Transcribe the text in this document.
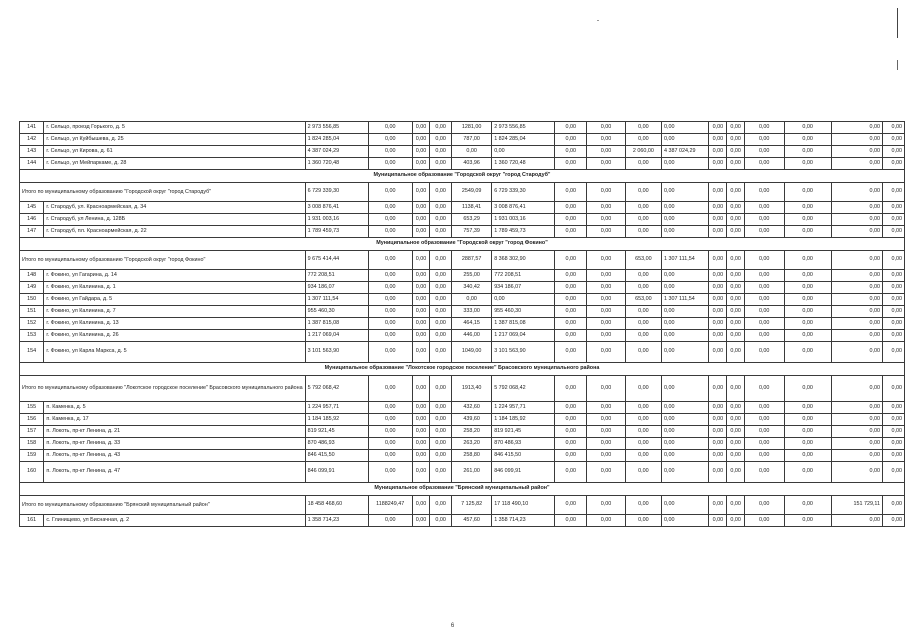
141	г. Сельцо, проезд Горького, д. 5	2 973 556,85	0,00	0,00	0,00	1281,00	2 973 556,85	0,00	0,00	0,00	0,00	0,00	0,00	0,00	0,00	0,00	0,00
142	г. Сельцо, ул Куйбышева, д. 25	1 824 285,04	0,00	0,00	0,00	787,00	1 824 285,04	0,00	0,00	0,00	0,00	0,00	0,00	0,00	0,00	0,00	0,00
143	г. Сельцо, ул Кирова, д. 61	4 387 024,29	0,00	0,00	0,00	0,00	0,00	0,00	0,00	2 060,00	4 387 024,29	0,00	0,00	0,00	0,00	0,00	0,00
144	г. Сельцо, ул Мейпаркаме, д. 28	1 360 720,48	0,00	0,00	0,00	403,96	1 360 720,48	0,00	0,00	0,00	0,00	0,00	0,00	0,00	0,00	0,00	0,00
Муниципальное образование "Городской округ "город Стародуб"																	
Итого по муниципальному образованию "Городской округ "город Стародуб"		6 729 339,30	0,00	0,00	0,00	2549,09	6 729 339,30	0,00	0,00	0,00	0,00	0,00	0,00	0,00	0,00	0,00	0,00
145	г. Стародуб, ул. Красноармейская, д. 34	3 008 876,41	0,00	0,00	0,00	1138,41	3 008 876,41	0,00	0,00	0,00	0,00	0,00	0,00	0,00	0,00	0,00	0,00
146	г. Стародуб, ул Ленина, д. 128Б	1 931 003,16	0,00	0,00	0,00	653,29	1 931 003,16	0,00	0,00	0,00	0,00	0,00	0,00	0,00	0,00	0,00	0,00
147	г. Стародуб, пл. Красноармейская, д. 22	1 789 459,73	0,00	0,00	0,00	757,39	1 789 459,73	0,00	0,00	0,00	0,00	0,00	0,00	0,00	0,00	0,00	0,00
Муниципальное образование "Городской округ "город Фокино"																	
Итого по муниципальному образованию "Городской округ "город Фокино"		9 675 414,44	0,00	0,00	0,00	2887,57	8 368 302,90	0,00	0,00	653,00	1 307 111,54	0,00	0,00	0,00	0,00	0,00	0,00
148	г. Фокино, ул Гагарина, д. 14	772 208,51	0,00	0,00	0,00	255,00	772 208,51	0,00	0,00	0,00	0,00	0,00	0,00	0,00	0,00	0,00	0,00
149	г. Фокино, ул Калинина, д. 1	934 186,07	0,00	0,00	0,00	340,42	934 186,07	0,00	0,00	0,00	0,00	0,00	0,00	0,00	0,00	0,00	0,00
150	г. Фокино, ул Гайдара, д. 5	1 307 111,54	0,00	0,00	0,00	0,00	0,00	0,00	0,00	653,00	1 307 111,54	0,00	0,00	0,00	0,00	0,00	0,00
151	г. Фокино, ул Калинина, д. 7	955 460,30	0,00	0,00	0,00	333,00	955 460,30	0,00	0,00	0,00	0,00	0,00	0,00	0,00	0,00	0,00	0,00
152	г. Фокино, ул Калинина, д. 13	1 387 815,08	0,00	0,00	0,00	464,15	1 387 815,08	0,00	0,00	0,00	0,00	0,00	0,00	0,00	0,00	0,00	0,00
153	г. Фокино, ул Калинина, д. 26	1 217 069,04	0,00	0,00	0,00	446,00	1 217 069,04	0,00	0,00	0,00	0,00	0,00	0,00	0,00	0,00	0,00	0,00
154	г. Фокино, ул Карла Маркса, д. 5	3 101 563,90	0,00	0,00	0,00	1049,00	3 101 563,90	0,00	0,00	0,00	0,00	0,00	0,00	0,00	0,00	0,00	0,00
Муниципальное образование "Локотское городское поселение" Брасовского муниципального района																	
Итого по муниципальному образованию "Локотское городское поселение" Брасовского муниципального района		5 792 068,42	0,00	0,00	0,00	1913,40	5 792 068,42	0,00	0,00	0,00	0,00	0,00	0,00	0,00	0,00	0,00	0,00
155	п. Каменка, д. 5	1 224 957,71	0,00	0,00	0,00	432,60	1 224 957,71	0,00	0,00	0,00	0,00	0,00	0,00	0,00	0,00	0,00	0,00
156	п. Каменка, д. 17	1 184 185,92	0,00	0,00	0,00	439,60	1 184 185,92	0,00	0,00	0,00	0,00	0,00	0,00	0,00	0,00	0,00	0,00
157	п. Локоть, пр-кт Ленина, д. 21	819 921,45	0,00	0,00	0,00	258,20	819 921,45	0,00	0,00	0,00	0,00	0,00	0,00	0,00	0,00	0,00	0,00
158	п. Локоть, пр-кт Ленина, д. 33	870 486,93	0,00	0,00	0,00	263,20	870 486,93	0,00	0,00	0,00	0,00	0,00	0,00	0,00	0,00	0,00	0,00
159	п. Локоть, пр-кт Ленина, д. 43	846 415,50	0,00	0,00	0,00	258,80	846 415,50	0,00	0,00	0,00	0,00	0,00	0,00	0,00	0,00	0,00	0,00
160	п. Локоть, пр-кт Ленина, д. 47	846 099,91	0,00	0,00	0,00	261,00	846 099,91	0,00	0,00	0,00	0,00	0,00	0,00	0,00	0,00	0,00	0,00
Муниципальное образование "Брянский муниципальный район"																	
Итого по муниципальному образованию "Брянский муниципальный район"		18 458 468,60	1188249,47	0,00	0,00	7 125,82	17 118 490,10	0,00	0,00	0,00	0,00	0,00	0,00	0,00	0,00	151 729,11	0,00
161	с. Глинищево, ул Бисначная, д. 2	1 358 714,23	0,00	0,00	0,00	457,60	1 358 714,23	0,00	0,00	0,00	0,00	0,00	0,00	0,00	0,00	0,00	0,00
6
